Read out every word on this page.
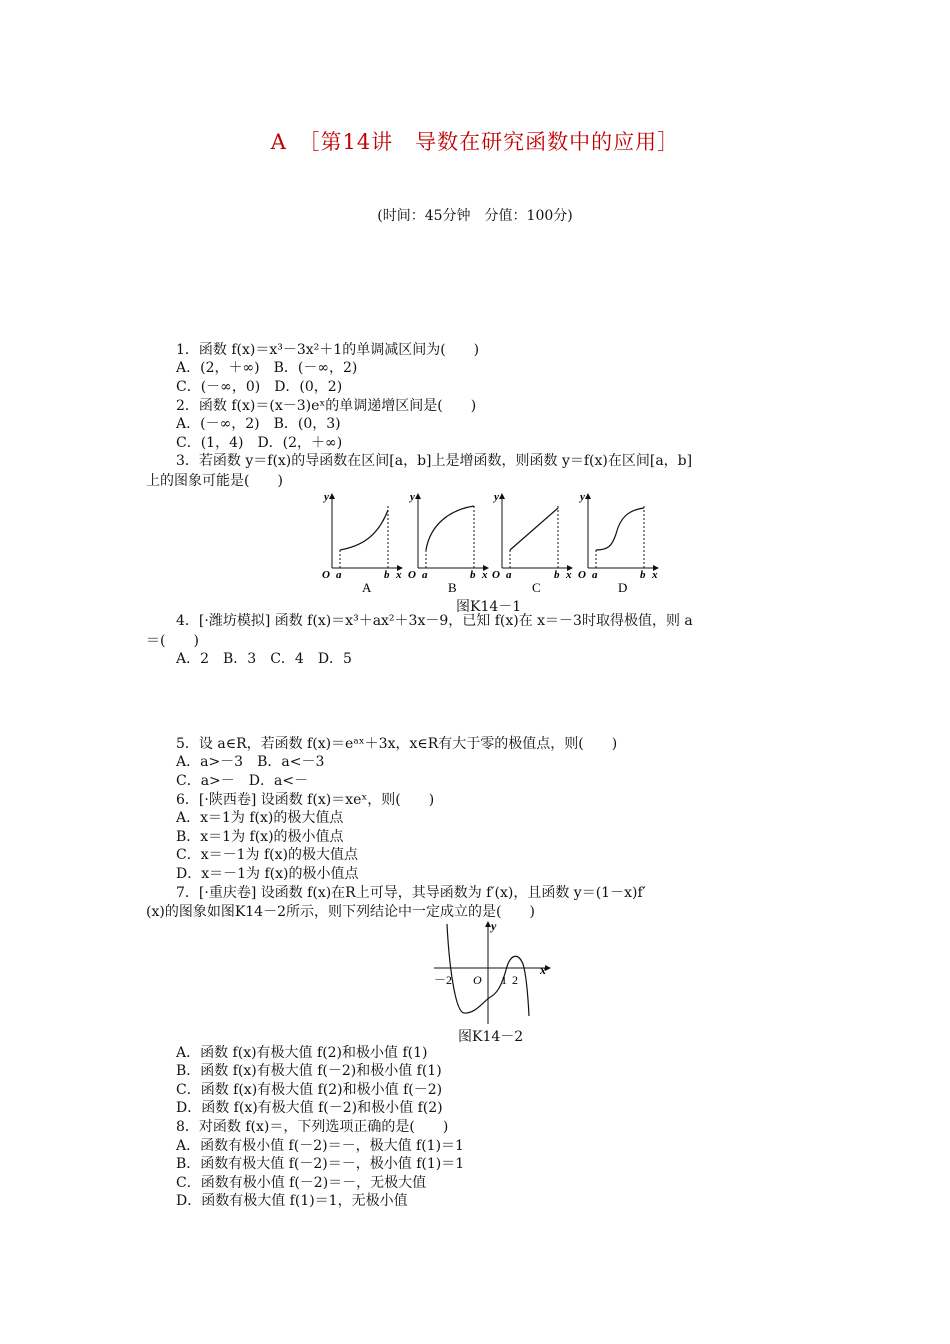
A　［第14讲　导数在研究函数中的应用］
(时间：45分钟　分值：100分)
1．函数 f(x)＝x³－3x²＋1的单调减区间为(　　)
A．(2，＋∞)　B．(－∞，2)
C．(－∞，0)　D．(0，2)
2．函数 f(x)＝(x－3)eˣ的单调递增区间是(　　)
A．(－∞，2)　B．(0，3)
C．(1，4)　D．(2，＋∞)
3．若函数 y＝f(x)的导函数在区间[a，b]上是增函数，则函数 y＝f(x)在区间[a，b]
上的图象可能是(　　)
O a	b x
y
A
O a	b x
y
B
O a	b x
y
C
O a	b x
y
D
图K14－1
4．[·潍坊模拟] 函数 f(x)＝x³＋ax²＋3x－9，已知 f(x)在 x＝－3时取得极值，则 a
＝(　　)
A．2　B．3　C．4　D．5
5．设 a∈R，若函数 f(x)＝eᵃˣ＋3x，x∈R有大于零的极值点，则(　　)
A．a>－3　B．a<－3
C．a>－　D．a<－
6．[·陕西卷] 设函数 f(x)＝xeˣ，则(　　)
A．x＝1为 f(x)的极大值点
B．x＝1为 f(x)的极小值点
C．x＝－1为 f(x)的极大值点
D．x＝－1为 f(x)的极小值点
7．[·重庆卷] 设函数 f(x)在R上可导，其导函数为 f′(x)，且函数 y＝(1－x)f′
(x)的图象如图K14－2所示，则下列结论中一定成立的是(　　)
y
x
－2 O 1 2
图K14－2
A．函数 f(x)有极大值 f(2)和极小值 f(1)
B．函数 f(x)有极大值 f(－2)和极小值 f(1)
C．函数 f(x)有极大值 f(2)和极小值 f(－2)
D．函数 f(x)有极大值 f(－2)和极小值 f(2)
8．对函数 f(x)＝，下列选项正确的是(　　)
A．函数有极小值 f(－2)＝－，极大值 f(1)＝1
B．函数有极大值 f(－2)＝－，极小值 f(1)＝1
C．函数有极小值 f(－2)＝－，无极大值
D．函数有极大值 f(1)＝1，无极小值
